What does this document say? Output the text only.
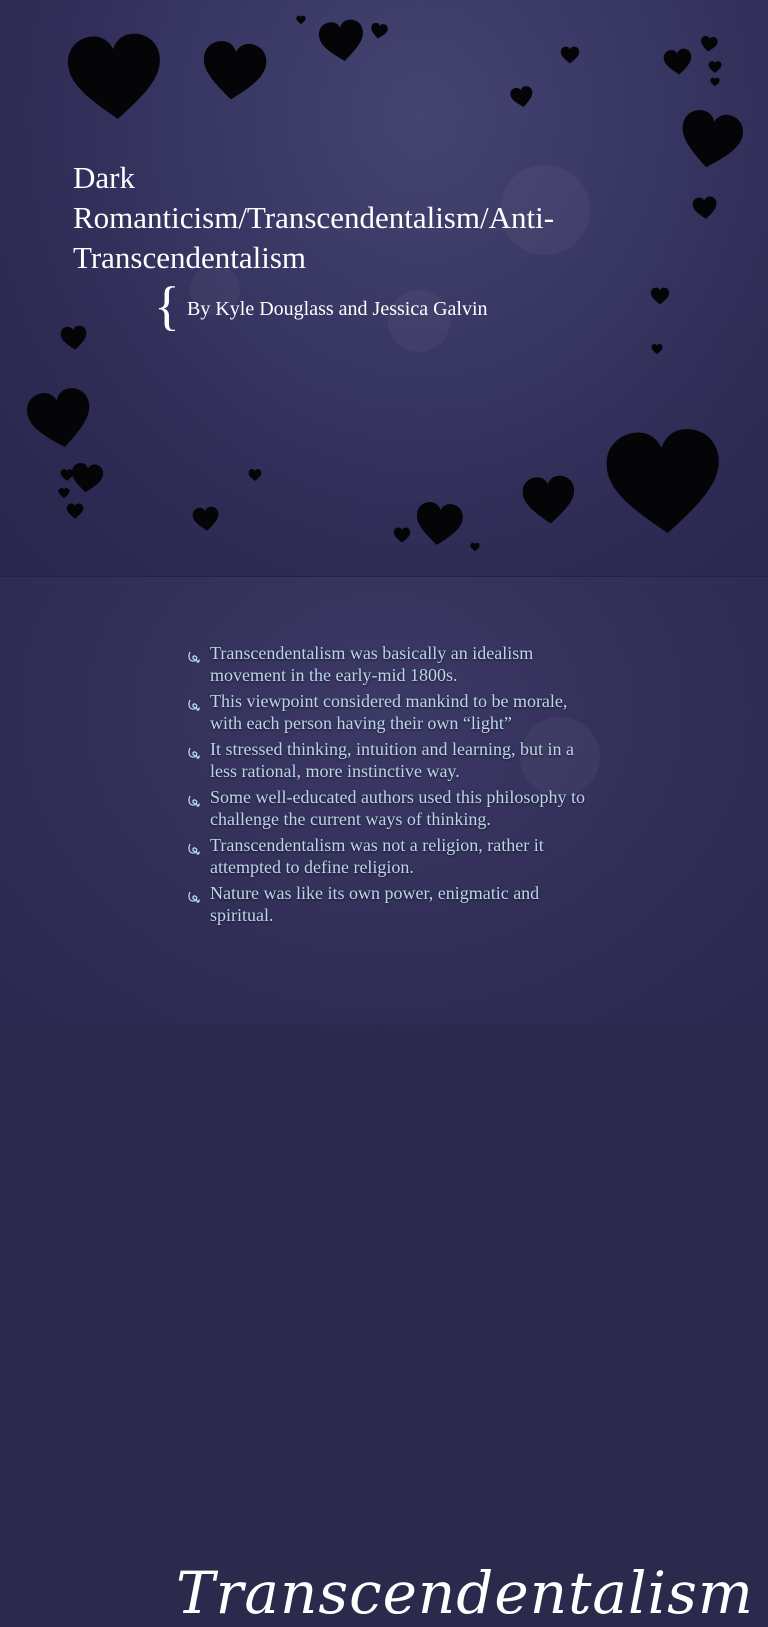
Dark
Romanticism/Transcendentalism/Anti-
Transcendentalism
{ By Kyle Douglass and Jessica Galvin
Transcendentalism
Transcendentalism was basically an idealism
movement in the early-mid 1800s.
This viewpoint considered mankind to be morale,
with each person having their own “light”
It stressed thinking, intuition and learning, but in a
less rational, more instinctive way.
Some well-educated authors used this philosophy to
challenge the current ways of thinking.
Transcendentalism was not a religion, rather it
attempted to define religion.
Nature was like its own power, enigmatic and
spiritual.
